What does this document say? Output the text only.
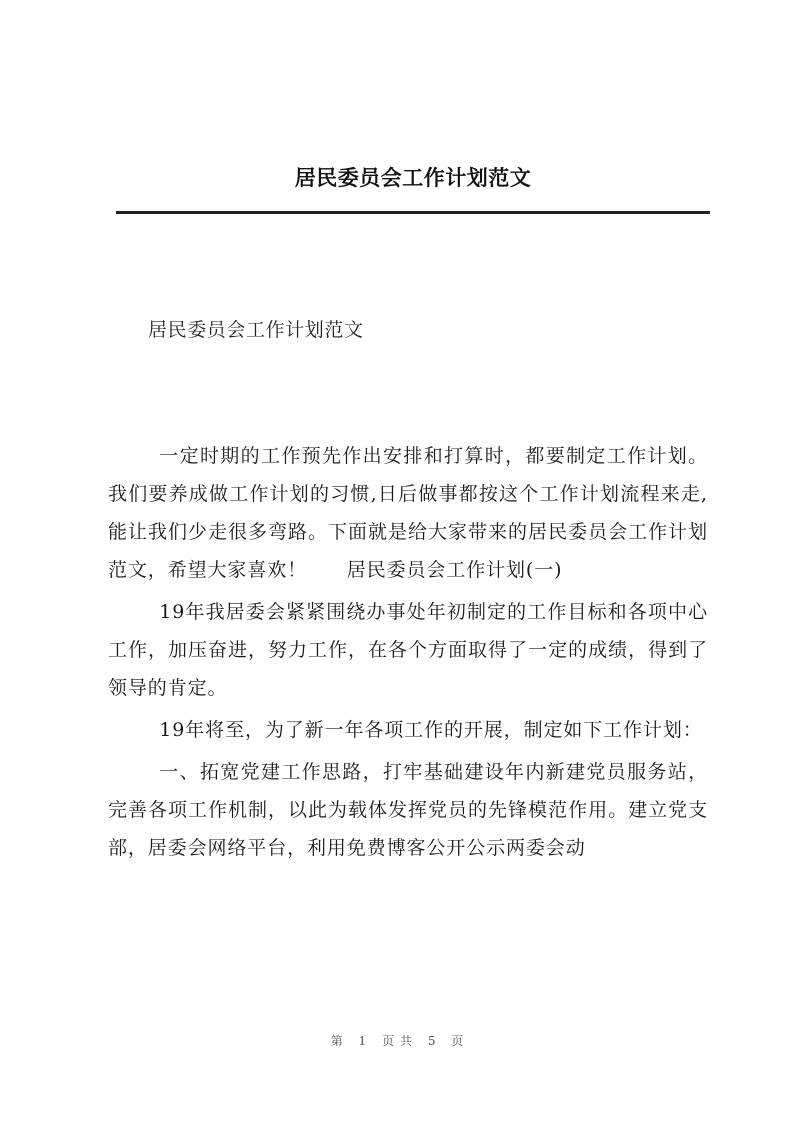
居民委员会工作计划范文

居民委员会工作计划范文

一定时期的工作预先作出安排和打算时，都要制定工作计划。我们要养成做工作计划的习惯,日后做事都按这个工作计划流程来走,能让我们少走很多弯路。下面就是给大家带来的居民委员会工作计划范文，希望大家喜欢！　　居民委员会工作计划(一)

19年我居委会紧紧围绕办事处年初制定的工作目标和各项中心工作，加压奋进，努力工作，在各个方面取得了一定的成绩，得到了领导的肯定。

19年将至，为了新一年各项工作的开展，制定如下工作计划：

一、拓宽党建工作思路，打牢基础建设年内新建党员服务站，完善各项工作机制，以此为载体发挥党员的先锋模范作用。建立党支部，居委会网络平台，利用免费博客公开公示两委会动

第 1 页共 5 页
